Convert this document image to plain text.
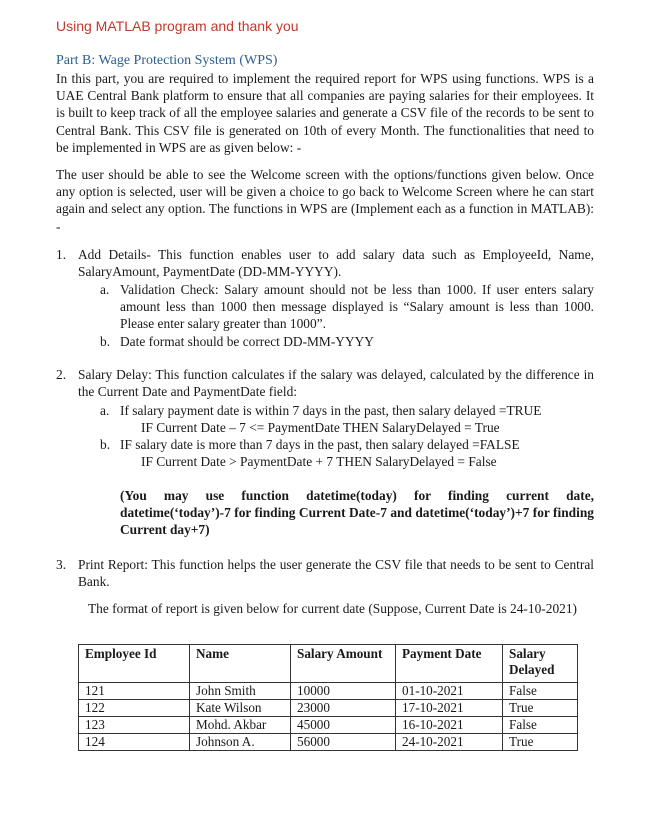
Using MATLAB program and thank you
Part B: Wage Protection System (WPS)

In this part, you are required to implement the required report for WPS using functions. WPS is a UAE Central Bank platform to ensure that all companies are paying salaries for their employees. It is built to keep track of all the employee salaries and generate a CSV file of the records to be sent to Central Bank. This CSV file is generated on 10th of every Month. The functionalities that need to be implemented in WPS are as given below: -

The user should be able to see the Welcome screen with the options/functions given below. Once any option is selected, user will be given a choice to go back to Welcome Screen where he can start again and select any option. The functions in WPS are (Implement each as a function in MATLAB): -

1. Add Details- This function enables user to add salary data such as EmployeeId, Name, SalaryAmount, PaymentDate (DD-MM-YYYY).

a. Validation Check: Salary amount should not be less than 1000. If user enters salary amount less than 1000 then message displayed is “Salary amount is less than 1000. Please enter salary greater than 1000”.

b. Date format should be correct DD-MM-YYYY

2. Salary Delay: This function calculates if the salary was delayed, calculated by the difference in the Current Date and PaymentDate field:

a. If salary payment date is within 7 days in the past, then salary delayed =TRUE

IF Current Date – 7 <= PaymentDate THEN SalaryDelayed = True

b. IF salary date is more than 7 days in the past, then salary delayed =FALSE

IF Current Date > PaymentDate + 7 THEN SalaryDelayed = False

(You may use function datetime(today) for finding current date, datetime(‘today’)-7 for finding Current Date-7 and datetime(‘today’)+7 for finding Current day+7)

3. Print Report: This function helps the user generate the CSV file that needs to be sent to Central Bank.

The format of report is given below for current date (Suppose, Current Date is 24-10-2021)

Employee Id	Name	Salary Amount	Payment Date	Salary Delayed
121	John Smith	10000	01-10-2021	False
122	Kate Wilson	23000	17-10-2021	True
123	Mohd. Akbar	45000	16-10-2021	False
124	Johnson A.	56000	24-10-2021	True
